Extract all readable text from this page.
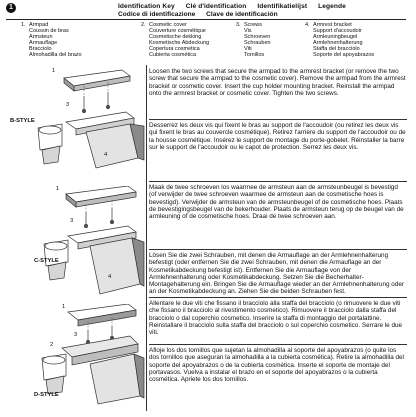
1	Identification Key Clé d'identification Identifikatielijst Legende
Codice di identificazione Clave de identificación
1. Armpad
Coussin de bras
Armsteun
Armauflage
Bracciolo
Almohadilla del brazo
2. Cosmetic cover
Couverture cosmétique
Cosmetische dekking
Kosmetische Abdeckung
Copertura cosmetica
Cubierta cosmética
3. Screws
Vis
Schroeven
Schrauben
Viti
Tornillos
4. Armrest bracket
Support d'accoudoir
Armleuningbeugel
Armlehnenhalterung
Staffa del bracciolo
Soporte del apoyabrazos
Loosen the two screws that secure the armpad to the armrest bracket (or remove the two screw that secure the armpad to the cosmetic cover). Remove the armpad from the armrest bracket or cosmetic cover. Insert the cup holder mounting bracket. Reinstall the armpad onto the armrest bracket or cosmetic cover. Tighten the two screws.
Desserrez les deux vis qui fixent le bras au support de l'accoudoir (ou retirez les deux vis qui fixent le bras au couvercle cosmétique). Retirez l'arrière du support de l'accoudoir ou de la housse cosmétique. Insérez le support de montage du porte-gobelet. Réinstaller la barre sur le support de l'accoudoir ou le capot de protection. Serrez les deux vis.
Maak de twee schroeven los waarmee de armsteun aan de armsteunbeugel is bevestigd (of verwijder de twee schroeven waarmee de armsteun aan de cosmetische hoes is bevestigd). Verwijder de armsteun van de armsteunbeugel of de cosmetische hoes. Plaats de bevestigingsbeugel van de bekerhouder. Plaats de armsteun terug op de beugel van de armleuning of de cosmetische hoes. Draai de twee schroeven aan.
Lösen Sie die zwei Schrauben, mit denen die Armauflage an der Armlehnenhalterung befestigt (oder entfernen Sie die zwei Schrauben, mit denen die Armauflage an der Kosmetikabdeckung befestigt ist). Entfernen Sie die Armauflage von der Armlehnenhalterung oder Kosmetikabdeckung. Setzen Sie die Becherhalter-Montagehalterung ein. Bringen Sie die Armauflage wieder an der Armlehnenhalterung oder an der Kosmetikabdeckung an. Ziehen Sie die beiden Schrauben fest.
Allentare le due viti che fissano il bracciolo alla staffa del bracciolo (o rimuovere le due viti che fissano il bracciolo al rivestimento cosmetico). Rimuovere il bracciolo dalla staffa del bracciolo o dal coperchio cosmetico. Inserire la staffa di montaggio del portalattine. Reinstallare il bracciolo sulla staffa del bracciolo o sul coperchio cosmetico. Serrare le due viti.
Afloje los dos tornillos que sujetan la almohadilla al soporte del apoyabrazos (o quite los dos tornillos que aseguran la almohadilla a la cubierta cosmética). Retire la almohadilla del soporte del apoyabrazos o de la cubierta cosmética. Inserte el soporte de montaje del portavasos. Vuelva a instalar el brazo en el soporte del apoyabrazos o la cubierta cosmética. Apriete los dos tornillos.
1
3
4
B-STYLE
1
3
4
C-STYLE
1
2
3
D-STYLE
